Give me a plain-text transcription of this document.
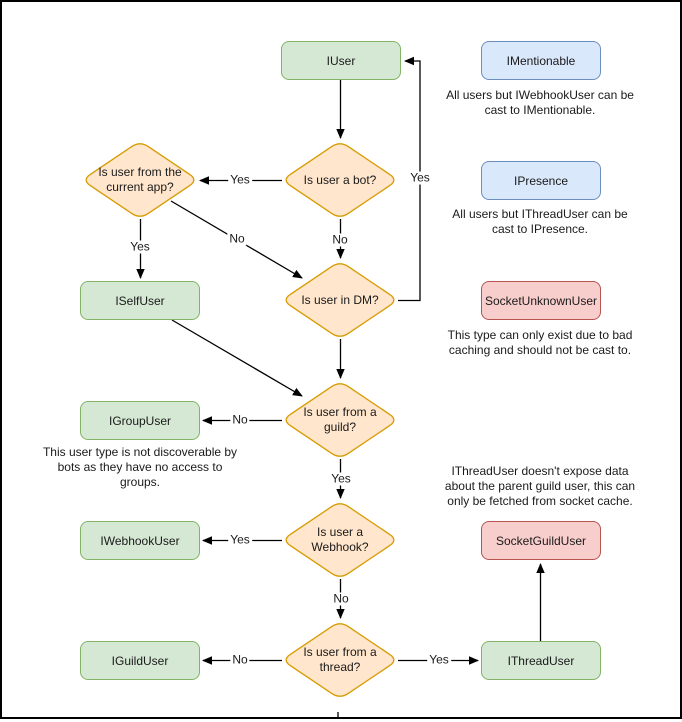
IUser	IMentionable
IPresence
SocketUnknownUser
ISelfUser
IGroupUser
IWebhookUser	SocketGuildUser
IGuildUser	IThreadUser
Is user a bot?
Is user from the
current app?
Is user in DM?
Is user from a
guild?
Is user a
Webhook?
Is user from a
thread?
Yes
No
Yes
No
Yes
No
Yes
Yes
No
No	Yes
All users but IWebhookUser can be
cast to IMentionable.
All users but IThreadUser can be
cast to IPresence.
This type can only exist due to bad
caching and should not be cast to.
This user type is not discoverable by
bots as they have no access to
groups.
IThreadUser doesn't expose data
about the parent guild user, this can
only be fetched from socket cache.
